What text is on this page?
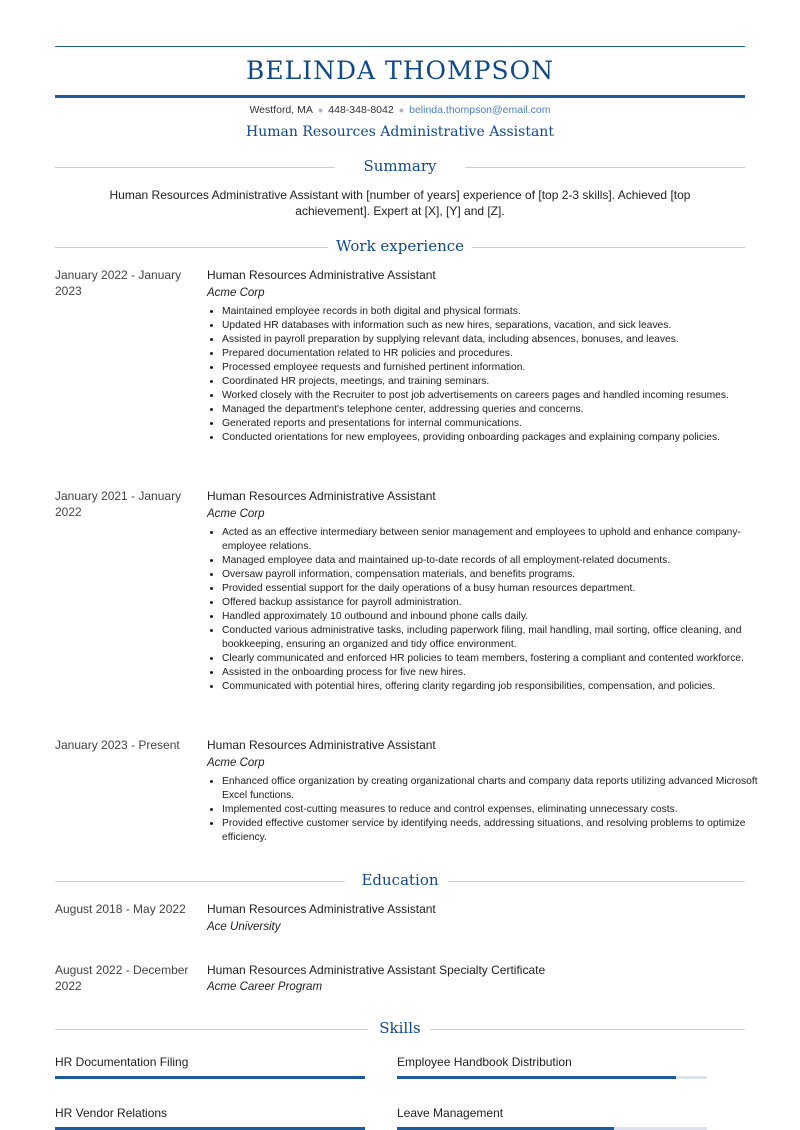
BELINDA THOMPSON
Westford, MA ● 448-348-8042 ● belinda.thompson@email.com
Human Resources Administrative Assistant
Summary
Human Resources Administrative Assistant with [number of years] experience of [top 2-3 skills]. Achieved [top achievement]. Expert at [X], [Y] and [Z].
Work experience
January 2022 - January 2023
Human Resources Administrative Assistant
Acme Corp
• Maintained employee records in both digital and physical formats.
• Updated HR databases with information such as new hires, separations, vacation, and sick leaves.
• Assisted in payroll preparation by supplying relevant data, including absences, bonuses, and leaves.
• Prepared documentation related to HR policies and procedures.
• Processed employee requests and furnished pertinent information.
• Coordinated HR projects, meetings, and training seminars.
• Worked closely with the Recruiter to post job advertisements on careers pages and handled incoming resumes.
• Managed the department's telephone center, addressing queries and concerns.
• Generated reports and presentations for internal communications.
• Conducted orientations for new employees, providing onboarding packages and explaining company policies.
January 2021 - January 2022
Human Resources Administrative Assistant
Acme Corp
• Acted as an effective intermediary between senior management and employees to uphold and enhance company-employee relations.
• Managed employee data and maintained up-to-date records of all employment-related documents.
• Oversaw payroll information, compensation materials, and benefits programs.
• Provided essential support for the daily operations of a busy human resources department.
• Offered backup assistance for payroll administration.
• Handled approximately 10 outbound and inbound phone calls daily.
• Conducted various administrative tasks, including paperwork filing, mail handling, mail sorting, office cleaning, and bookkeeping, ensuring an organized and tidy office environment.
• Clearly communicated and enforced HR policies to team members, fostering a compliant and contented workforce.
• Assisted in the onboarding process for five new hires.
• Communicated with potential hires, offering clarity regarding job responsibilities, compensation, and policies.
January 2023 - Present	Human Resources Administrative Assistant
Acme Corp
• Enhanced office organization by creating organizational charts and company data reports utilizing advanced Microsoft Excel functions.
• Implemented cost-cutting measures to reduce and control expenses, eliminating unnecessary costs.
• Provided effective customer service by identifying needs, addressing situations, and resolving problems to optimize efficiency.
Education
August 2018 - May 2022	Human Resources Administrative Assistant
Ace University
August 2022 - December 2022
Human Resources Administrative Assistant Specialty Certificate
Acme Career Program
Skills
HR Documentation Filing	Employee Handbook Distribution
HR Vendor Relations	Leave Management
